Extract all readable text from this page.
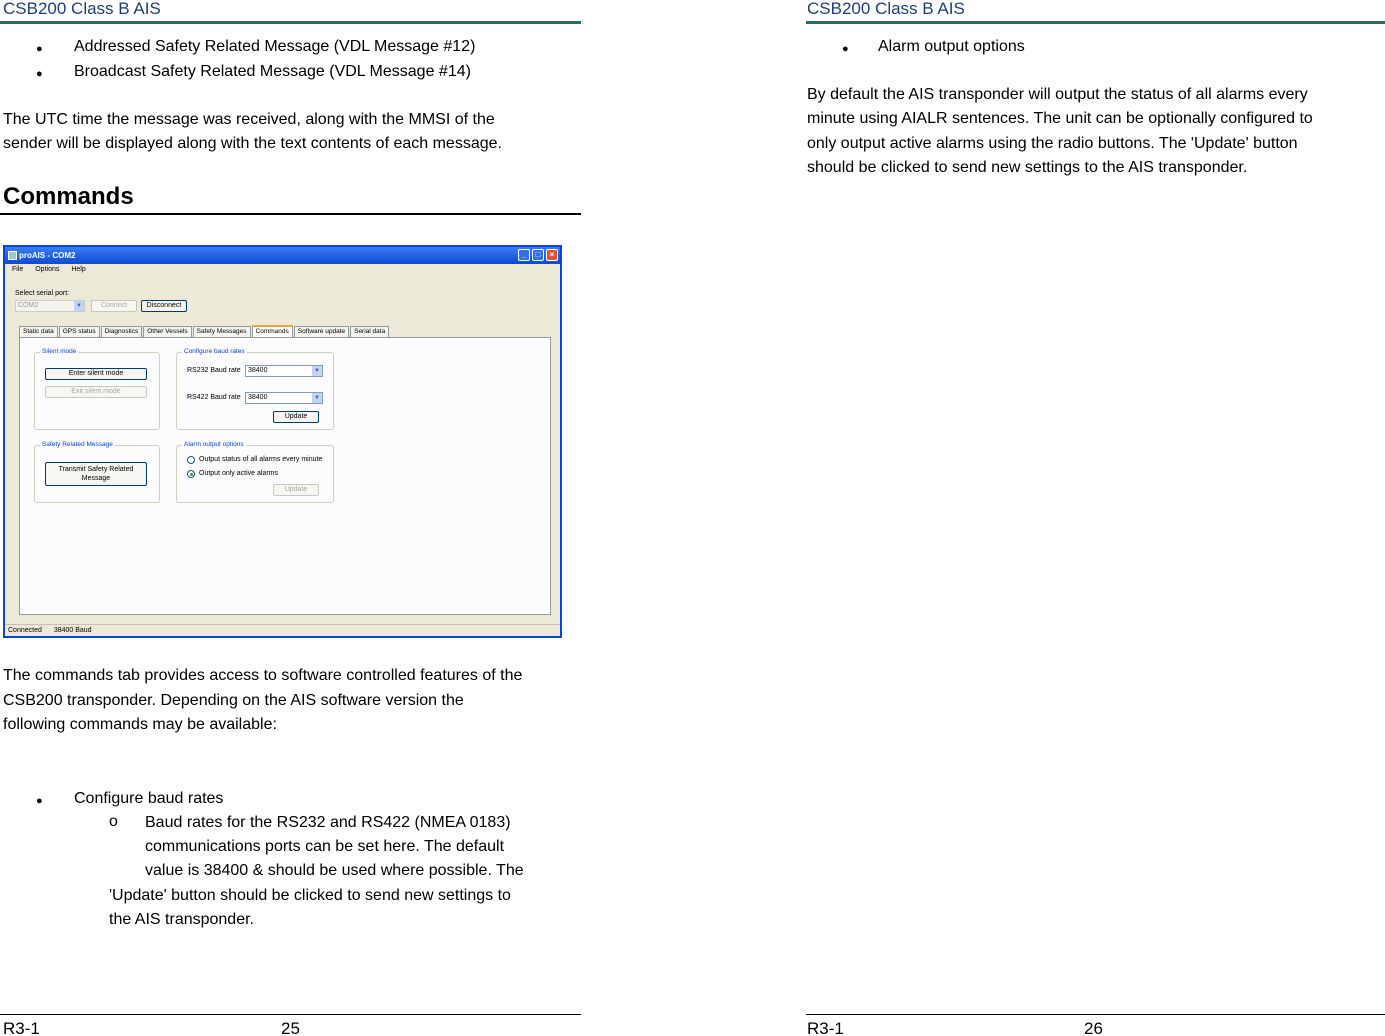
CSB200 Class B AIS
● Addressed Safety Related Message (VDL Message #12)
● Broadcast Safety Related Message (VDL Message #14)
The UTC time the message was received, along with the MMSI of the
sender will be displayed along with the text contents of each message.
Commands
proAIS - COM2	_	□	×
File Options Help
Select serial port:
COM2	▼	Connect	Disconnect
Static data	GPS status	Diagnostics	Other Vessels	Safety Messages	Commands	Software update	Serial data
Silent mode
Enter silent mode
Exit silent mode
Configure baud rates
RS232 Baud rate	38400	▼
RS422 Baud rate	38400	▼
Update
Safety Related Message
Transmit Safety Related
Message
Alarm output options
Output status of all alarms every minute
Output only active alarms
Update
Connected 38400 Baud
The commands tab provides access to software controlled features of the
CSB200 transponder. Depending on the AIS software version the
following commands may be available:
● Configure baud rates
o Baud rates for the RS232 and RS422 (NMEA 0183)
communications ports can be set here. The default
value is 38400 & should be used where possible. The
'Update' button should be clicked to send new settings to
the AIS transponder.
R3-1	25
CSB200 Class B AIS
● Alarm output options
By default the AIS transponder will output the status of all alarms every
minute using AIALR sentences. The unit can be optionally configured to
only output active alarms using the radio buttons. The 'Update' button
should be clicked to send new settings to the AIS transponder.
R3-1	26
